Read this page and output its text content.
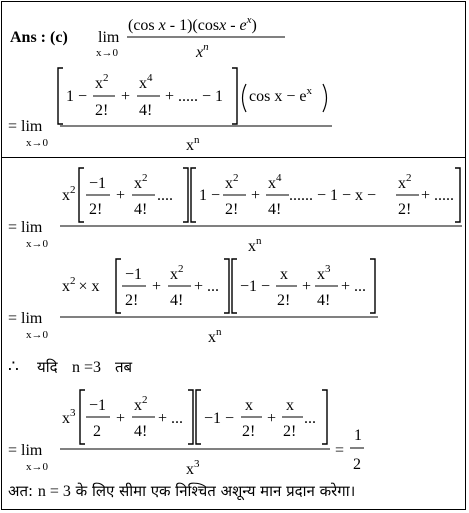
Ans : (c) lim
x→0
(cos x - $1)(\cos x - e^x)$
$x^n$
= lim
x→0
1 −
$x^2$
2!
+
$x^4$
4!
+ ..... − 1 $\cos x - e^x$
$x^n$
= lim
x→0
$x^2 -1$
2!
+
$x^2$
4!
.... 1 −
$x^2$
2!
+
$x^4$
4!
...... − 1 − x −
$x^2$
2!
+ .....
$x^n$
= lim
x→0
$x^2 \times x$
−1
2!
+
$x^2$
4!
+ ... −1 −
x
2!
+
$x^3$
4!
+ ...
$x^n$
∴ यदि n =3 तब
= lim
x→0
$x^3 -1$
2
+
$x^2$
4!
+ ... −1 −
x
2!
+
x
2!
...
$x^3$
=
1
2
अत: n = 3 के लिए सीमा एक निश्चित अशून्य मान प्रदान करेगा।
